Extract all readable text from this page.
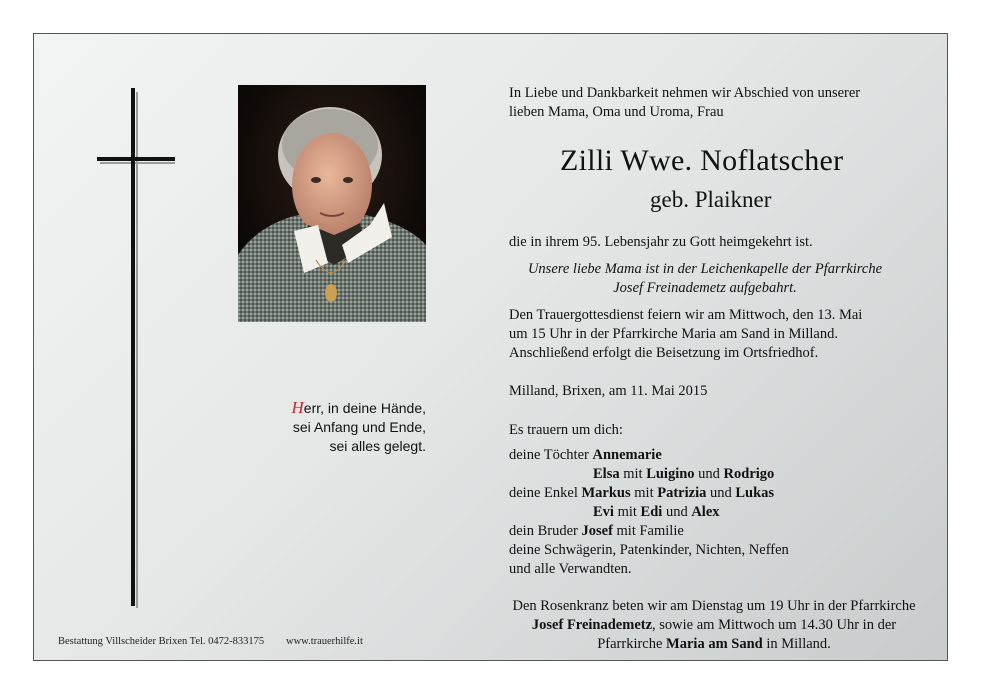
Herr, in deine Hände,
sei Anfang und Ende,
sei alles gelegt.
In Liebe und Dankbarkeit nehmen wir Abschied von unserer
lieben Mama, Oma und Uroma, Frau
Zilli Wwe. Noflatscher
geb. Plaikner
die in ihrem 95. Lebensjahr zu Gott heimgekehrt ist.
Unsere liebe Mama ist in der Leichenkapelle der Pfarrkirche
Josef Freinademetz aufgebahrt.
Den Trauergottesdienst feiern wir am Mittwoch, den 13. Mai
um 15 Uhr in der Pfarrkirche Maria am Sand in Milland.
Anschließend erfolgt die Beisetzung im Ortsfriedhof.
Milland, Brixen, am 11. Mai 2015
Es trauern um dich:
deine Töchter Annemarie
Elsa mit Luigino und Rodrigo
deine Enkel Markus mit Patrizia und Lukas
Evi mit Edi und Alex
dein Bruder Josef mit Familie
deine Schwägerin, Patenkinder, Nichten, Neffen
und alle Verwandten.
Den Rosenkranz beten wir am Dienstag um 19 Uhr in der Pfarrkirche
Josef Freinademetz, sowie am Mittwoch um 14.30 Uhr in der
Pfarrkirche Maria am Sand in Milland.
Bestattung Villscheider Brixen Tel. 0472-833175 www.trauerhilfe.it
